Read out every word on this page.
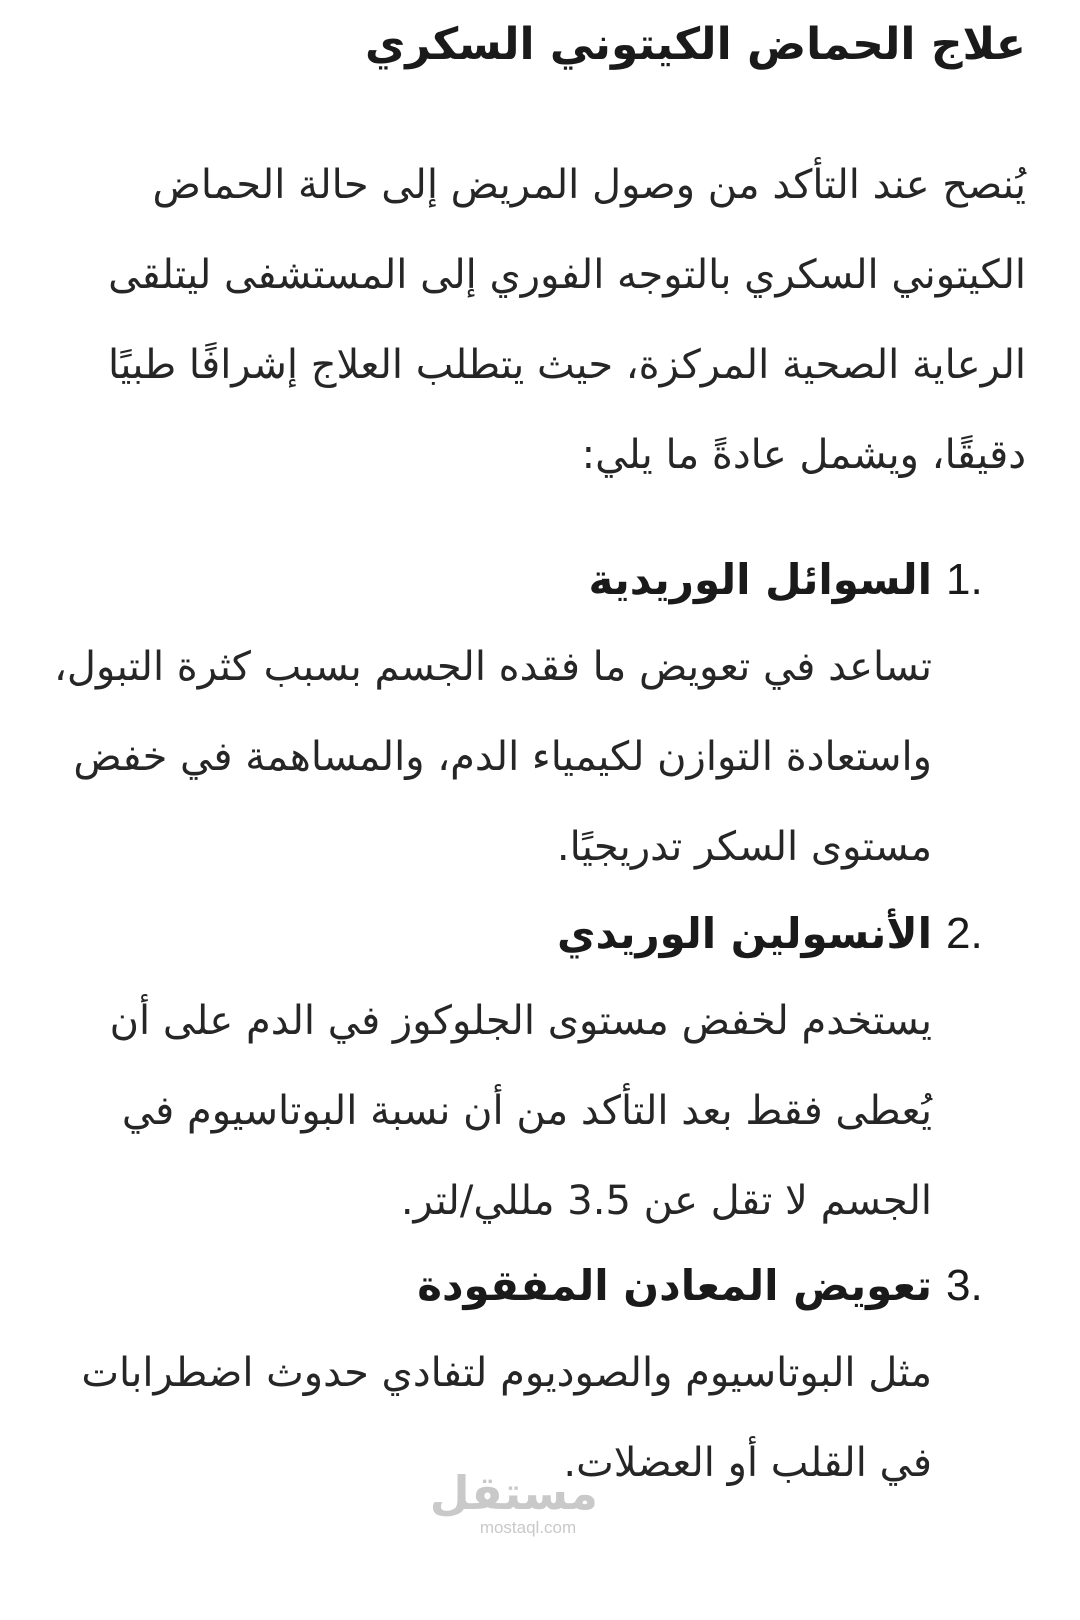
علاج الحماض الكيتوني السكري

يُنصح عند التأكد من وصول المريض إلى حالة الحماض الكيتوني السكري بالتوجه الفوري إلى المستشفى ليتلقى الرعاية الصحية المركزة، حيث يتطلب العلاج إشرافًا طبيًا دقيقًا، ويشمل عادةً ما يلي:

1.
السوائل الوريدية
تساعد في تعويض ما فقده الجسم بسبب كثرة التبول، واستعادة التوازن لكيمياء الدم، والمساهمة في خفض مستوى السكر تدريجيًا.
2.
الأنسولين الوريدي
يستخدم لخفض مستوى الجلوكوز في الدم على أن يُعطى فقط بعد التأكد من أن نسبة البوتاسيوم في الجسم لا تقل عن 3.5 مللي/لتر.
3.
تعويض المعادن المفقودة
مثل البوتاسيوم والصوديوم لتفادي حدوث اضطرابات في القلب أو العضلات.
مستقل
mostaql.com
